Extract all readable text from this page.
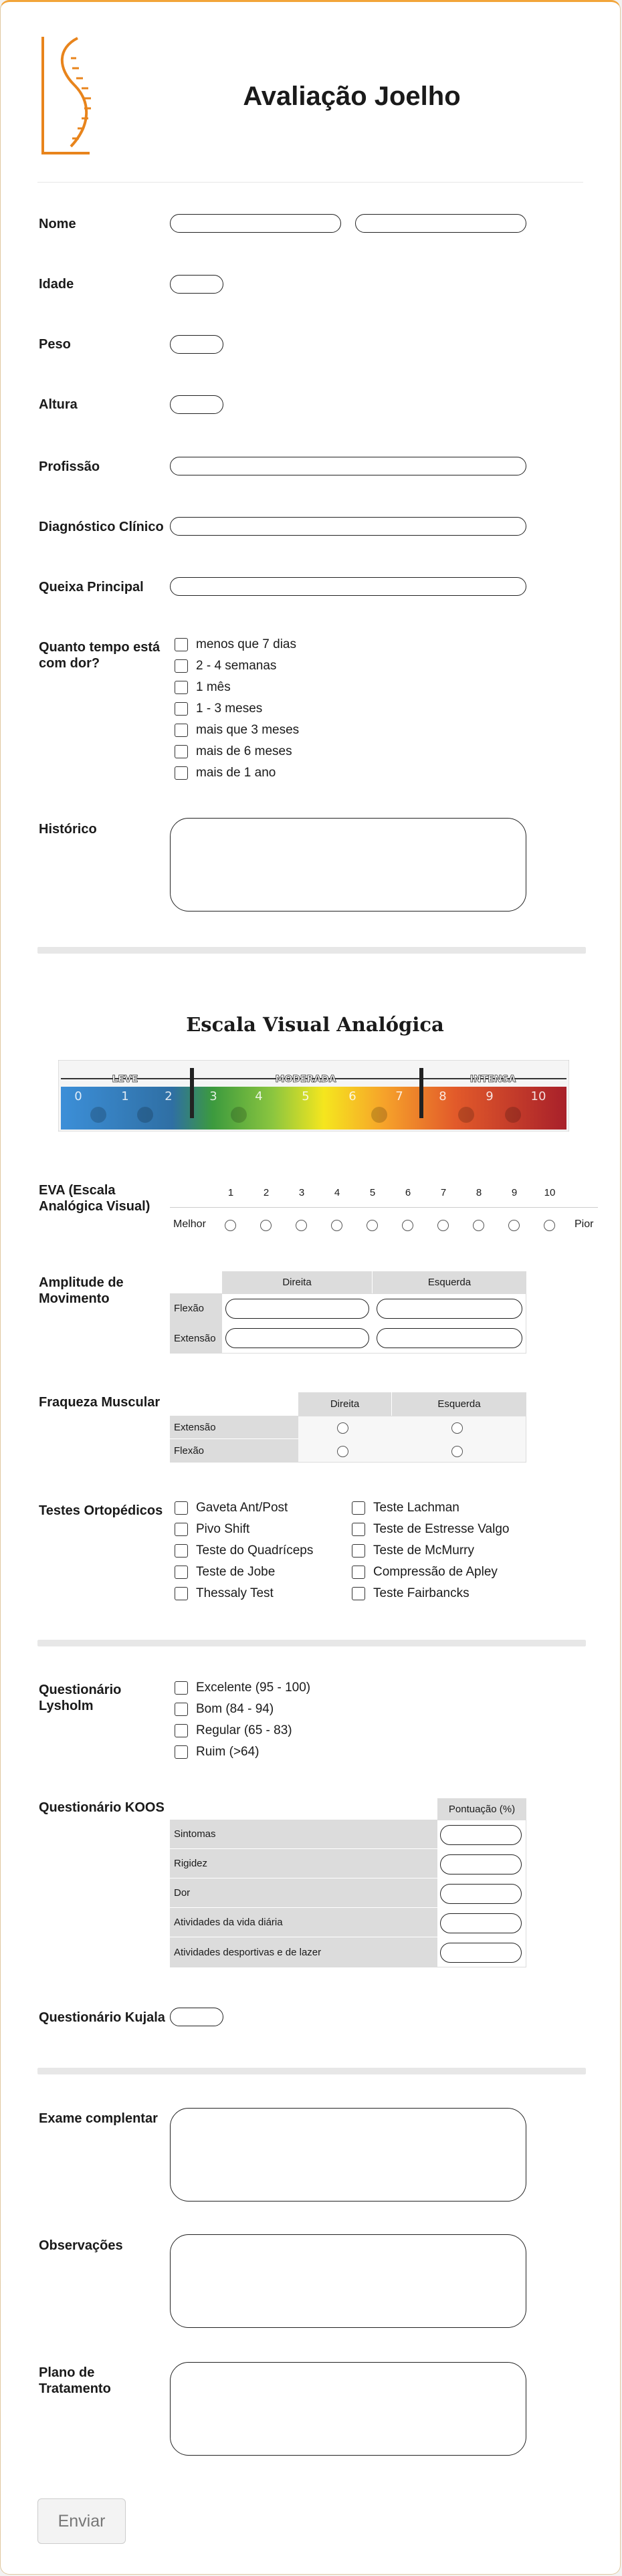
Avaliação Joelho
Nome
Idade
Peso
Altura
Profissão
Diagnóstico Clínico
Queixa Principal
Quanto tempo está
com dor?
menos que 7 dias
2 - 4 semanas
1 mês
1 - 3 meses
mais que 3 meses
mais de 6 meses
mais de 1 ano
Histórico
Escala Visual Analógica
LEVE	MODERADA	INTENSA
0	1	2	3	4	5	6	7	8	9	10
EVA (Escala
Analógica Visual)
1	2	3	4	5	6	7	8	9	10
Melhor	Pior
Amplitude de
Movimento
Direita	Esquerda
Flexão
Extensão
Fraqueza Muscular	Direita	Esquerda
Extensão
Flexão
Testes Ortopédicos	Gaveta Ant/Post
Pivo Shift
Teste do Quadríceps
Teste de Jobe
Thessaly Test
Teste Lachman
Teste de Estresse Valgo
Teste de McMurry
Compressão de Apley
Teste Fairbancks
Questionário
Lysholm
Excelente (95 - 100)
Bom (84 - 94)
Regular (65 - 83)
Ruim (>64)
Questionário KOOS	Pontuação (%)
Sintomas
Rigidez
Dor
Atividades da vida diária
Atividades desportivas e de lazer
Questionário Kujala
Exame complentar
Observações
Plano de
Tratamento
Enviar
